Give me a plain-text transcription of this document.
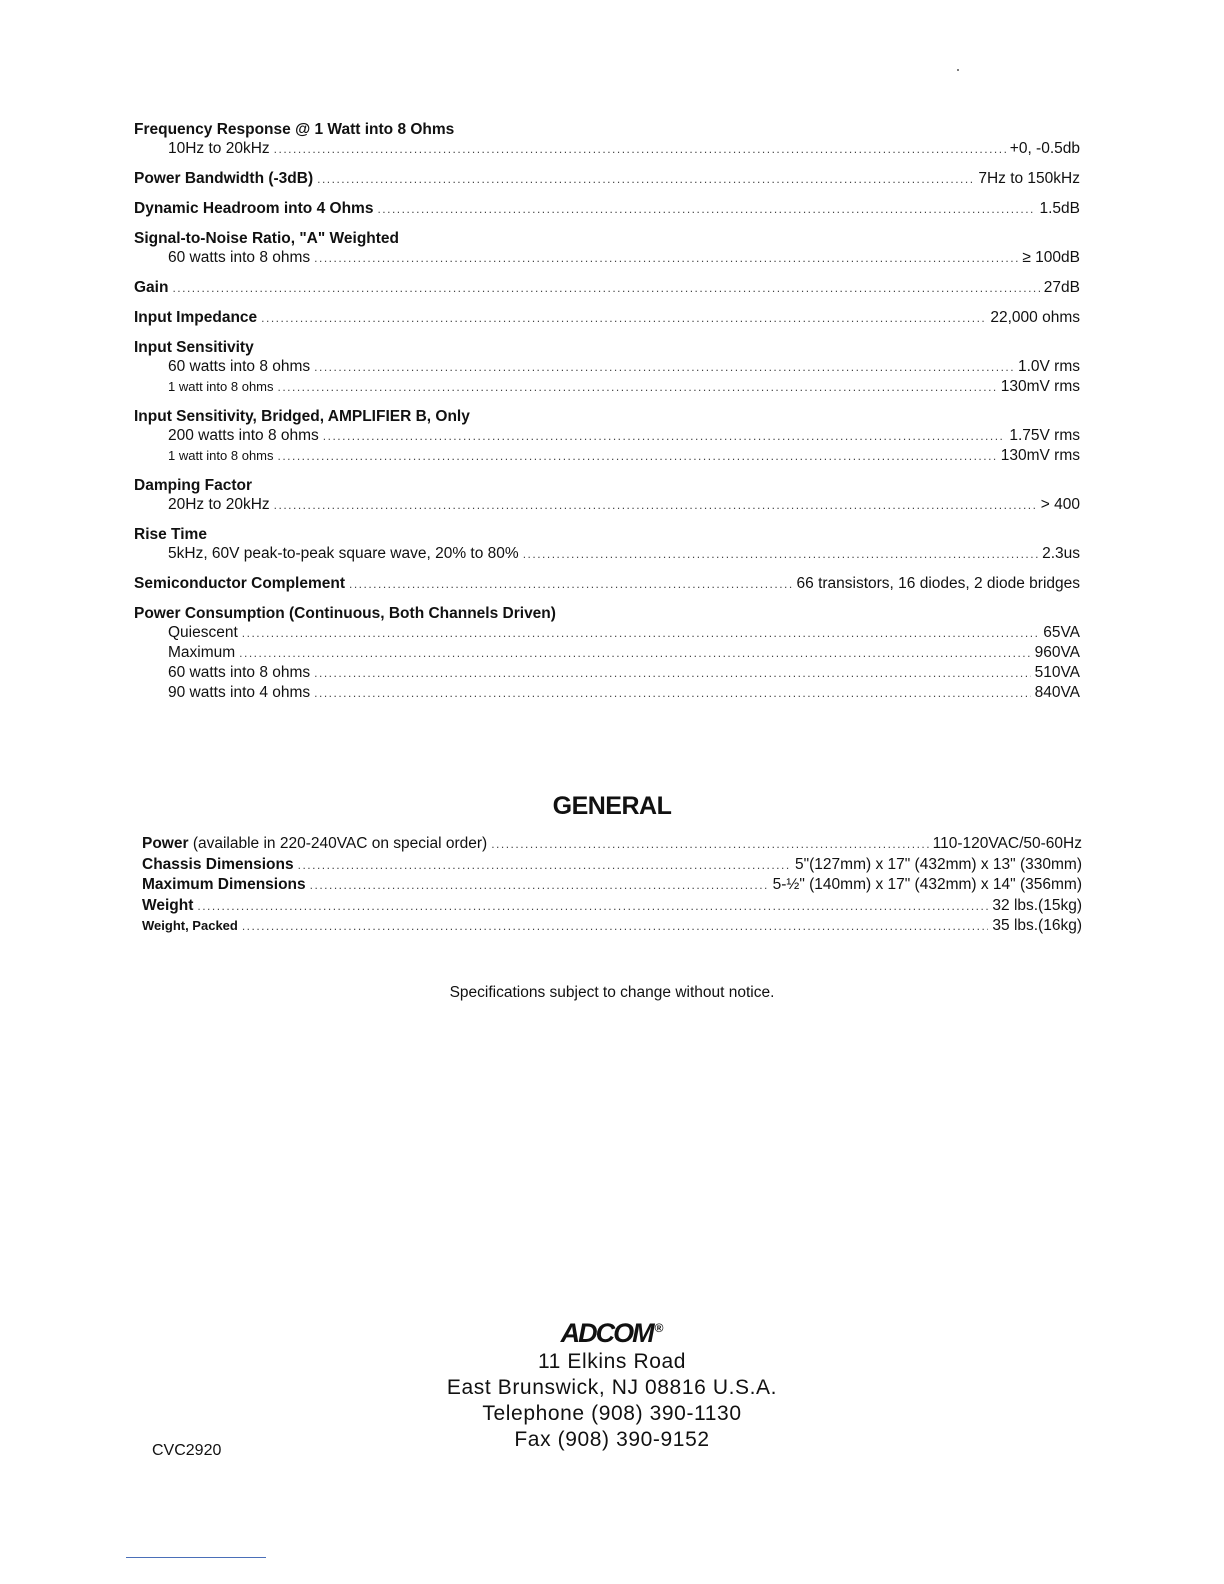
Frequency Response @ 1 Watt into 8 Ohms
10Hz to 20kHz .....	+0, -0.5db
Power Bandwidth (-3dB) .....	7Hz to 150kHz
Dynamic Headroom into 4 Ohms .....	1.5dB
Signal-to-Noise Ratio, "A" Weighted
60 watts into 8 ohms .....	≥ 100dB
Gain .....	27dB
Input Impedance .....	22,000 ohms
Input Sensitivity
60 watts into 8 ohms .....	1.0V rms
1 watt into 8 ohms .....	130mV rms
Input Sensitivity, Bridged, AMPLIFIER B, Only
200 watts into 8 ohms .....	1.75V rms
1 watt into 8 ohms .....	130mV rms
Damping Factor
20Hz to 20kHz .....	> 400
Rise Time
5kHz, 60V peak-to-peak square wave, 20% to 80% .....	2.3us
Semiconductor Complement .....	66 transistors, 16 diodes, 2 diode bridges
Power Consumption (Continuous, Both Channels Driven)
Quiescent .....	65VA
Maximum .....	960VA
60 watts into 8 ohms .....	510VA
90 watts into 4 ohms .....	840VA
GENERAL
Power (available in 220-240VAC on special order) .....	110-120VAC/50-60Hz
Chassis Dimensions .....	5"(127mm) x 17" (432mm) x 13" (330mm)
Maximum Dimensions .....	5-½" (140mm) x 17" (432mm) x 14" (356mm)
Weight .....	32 lbs.(15kg)
Weight, Packed .....	35 lbs.(16kg)
Specifications subject to change without notice.
ADCOM ®
11 Elkins Road
East Brunswick, NJ 08816 U.S.A.
Telephone (908) 390-1130
Fax (908) 390-9152
CVC2920
